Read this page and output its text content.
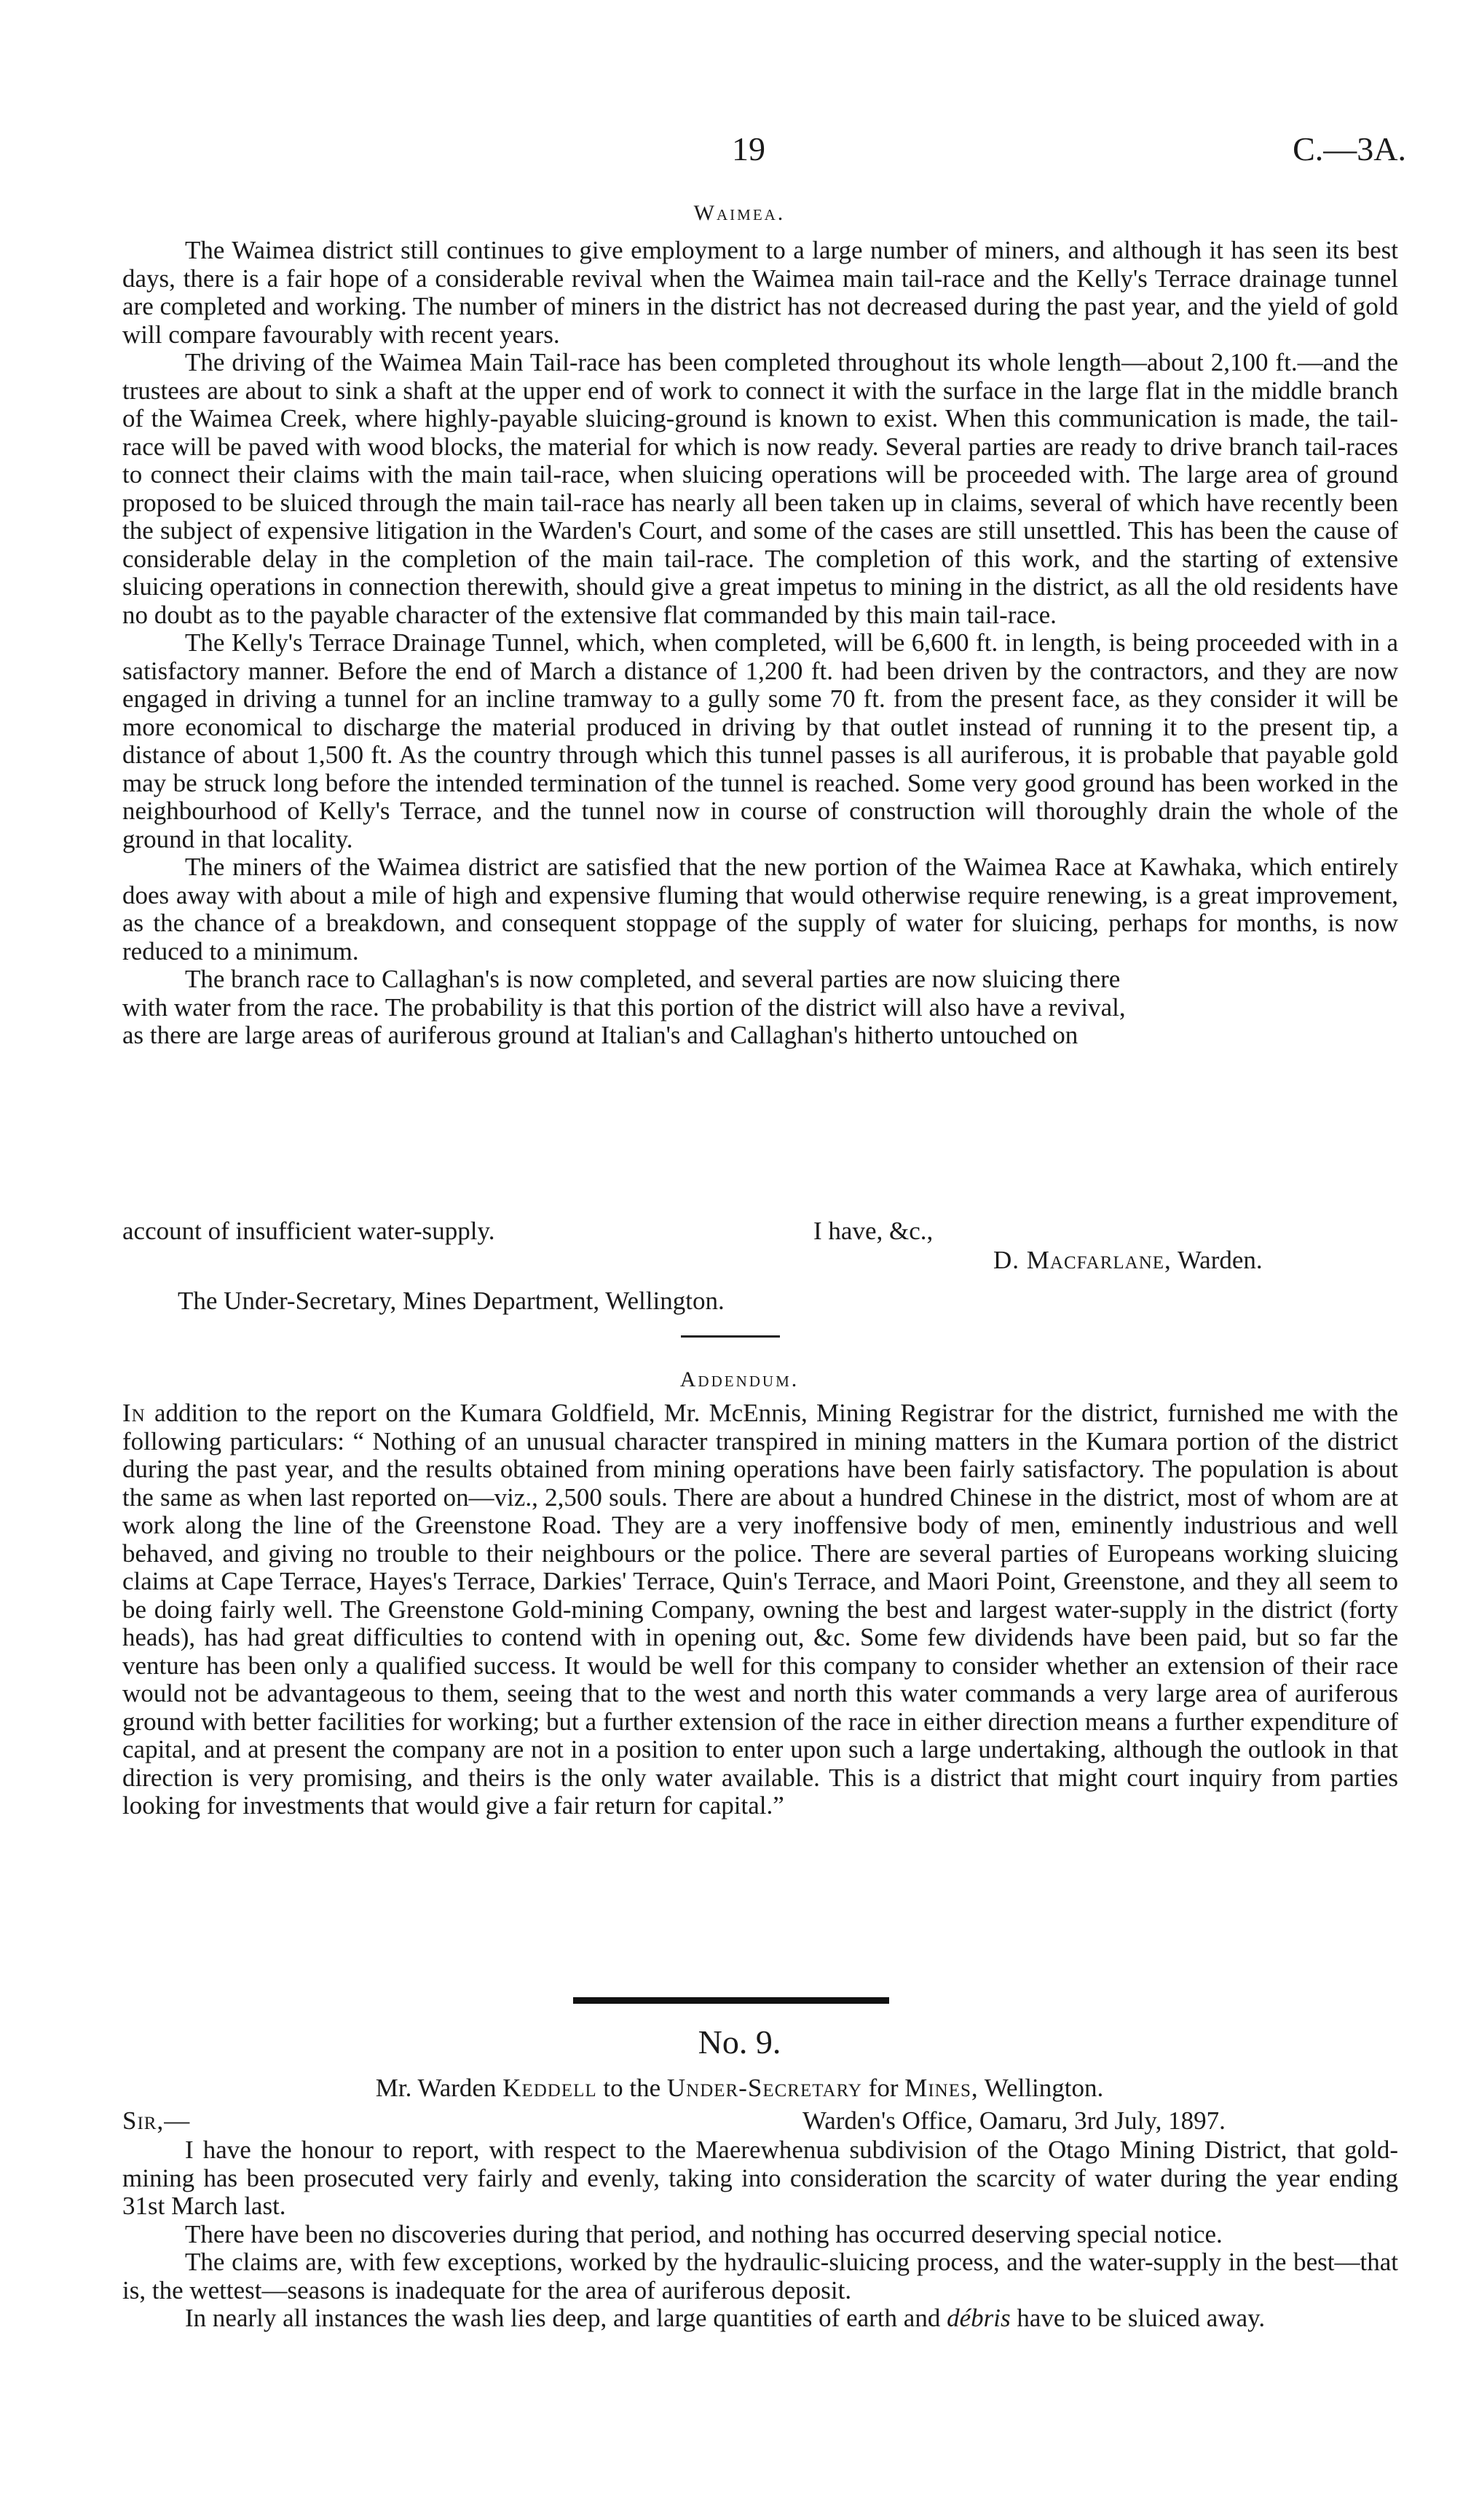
19	C.—3A.
Waimea.

The Waimea district still continues to give employment to a large number of miners, and although it has seen its best days, there is a fair hope of a considerable revival when the Waimea main tail-race and the Kelly's Terrace drainage tunnel are completed and working. The number of miners in the district has not decreased during the past year, and the yield of gold will compare favourably with recent years.

The driving of the Waimea Main Tail-race has been completed throughout its whole length—about 2,100 ft.—and the trustees are about to sink a shaft at the upper end of work to connect it with the surface in the large flat in the middle branch of the Waimea Creek, where highly-payable sluicing-ground is known to exist. When this communication is made, the tail-race will be paved with wood blocks, the material for which is now ready. Several parties are ready to drive branch tail-races to connect their claims with the main tail-race, when sluicing operations will be proceeded with. The large area of ground proposed to be sluiced through the main tail-race has nearly all been taken up in claims, several of which have recently been the subject of expensive litigation in the Warden's Court, and some of the cases are still unsettled. This has been the cause of considerable delay in the completion of the main tail-race. The completion of this work, and the starting of extensive sluicing operations in connection therewith, should give a great impetus to mining in the district, as all the old residents have no doubt as to the payable character of the extensive flat commanded by this main tail-race.

The Kelly's Terrace Drainage Tunnel, which, when completed, will be 6,600 ft. in length, is being proceeded with in a satisfactory manner. Before the end of March a distance of 1,200 ft. had been driven by the contractors, and they are now engaged in driving a tunnel for an incline tramway to a gully some 70 ft. from the present face, as they consider it will be more economical to discharge the material produced in driving by that outlet instead of running it to the present tip, a distance of about 1,500 ft. As the country through which this tunnel passes is all auriferous, it is probable that payable gold may be struck long before the intended termination of the tunnel is reached. Some very good ground has been worked in the neighbourhood of Kelly's Terrace, and the tunnel now in course of construction will thoroughly drain the whole of the ground in that locality.

The miners of the Waimea district are satisfied that the new portion of the Waimea Race at Kawhaka, which entirely does away with about a mile of high and expensive fluming that would otherwise require renewing, is a great improvement, as the chance of a breakdown, and consequent stoppage of the supply of water for sluicing, perhaps for months, is now reduced to a minimum.

The branch race to Callaghan's is now completed, and several parties are now sluicing there

with water from the race. The probability is that this portion of the district will also have a revival,
as there are large areas of auriferous ground at Italian's and Callaghan's hitherto untouched on

account of insufficient water-supply.	I have, &c.,
D. Macfarlane, Warden.
The Under-Secretary, Mines Department, Wellington.
Addendum.

In addition to the report on the Kumara Goldfield, Mr. McEnnis, Mining Registrar for the district, furnished me with the following particulars: “ Nothing of an unusual character transpired in mining matters in the Kumara portion of the district during the past year, and the results obtained from mining operations have been fairly satisfactory. The population is about the same as when last reported on—viz., 2,500 souls. There are about a hundred Chinese in the district, most of whom are at work along the line of the Greenstone Road. They are a very inoffensive body of men, eminently industrious and well behaved, and giving no trouble to their neighbours or the police. There are several parties of Europeans working sluicing claims at Cape Terrace, Hayes's Terrace, Darkies' Terrace, Quin's Terrace, and Maori Point, Greenstone, and they all seem to be doing fairly well. The Greenstone Gold-mining Company, owning the best and largest water-supply in the district (forty heads), has had great difficulties to contend with in opening out, &c. Some few dividends have been paid, but so far the venture has been only a qualified success. It would be well for this company to consider whether an extension of their race would not be advantageous to them, seeing that to the west and north this water commands a very large area of auriferous ground with better facilities for working; but a further extension of the race in either direction means a further expenditure of capital, and at present the company are not in a position to enter upon such a large undertaking, although the outlook in that direction is very promising, and theirs is the only water available. This is a district that might court inquiry from parties looking for investments that would give a fair return for capital.”

No. 9.
Mr. Warden Keddell to the Under-Secretary for Mines, Wellington.
Sir,—	Warden's Office, Oamaru, 3rd July, 1897.

I have the honour to report, with respect to the Maerewhenua subdivision of the Otago Mining District, that gold-mining has been prosecuted very fairly and evenly, taking into consideration the scarcity of water during the year ending 31st March last.

There have been no discoveries during that period, and nothing has occurred deserving special notice.

The claims are, with few exceptions, worked by the hydraulic-sluicing process, and the water-supply in the best—that is, the wettest—seasons is inadequate for the area of auriferous deposit.

In nearly all instances the wash lies deep, and large quantities of earth and débris have to be sluiced away.
